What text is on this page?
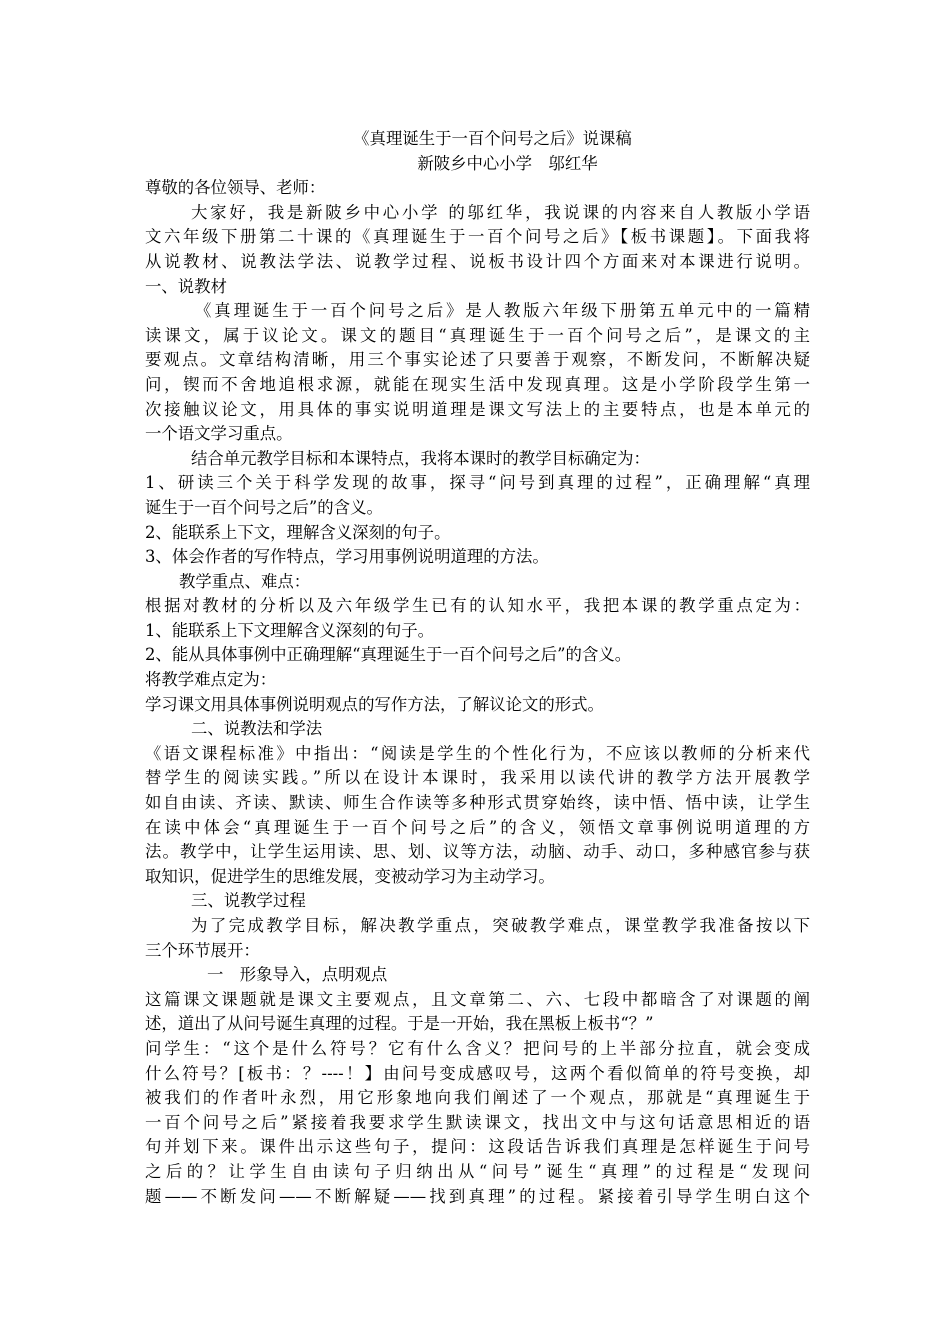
《真理诞生于一百个问号之后》说课稿
新陂乡中心小学　邬红华
尊敬的各位领导、老师：
大家好，我是新陂乡中心小学 的邬红华，我说课的内容来自人教版小学语
文六年级下册第二十课的《真理诞生于一百个问号之后》【板书课题】。下面我将
从说教材、说教法学法、说教学过程、说板书设计四个方面来对本课进行说明。
一、说教材
《真理诞生于一百个问号之后》是人教版六年级下册第五单元中的一篇精
读课文，属于议论文。课文的题目“真理诞生于一百个问号之后”，是课文的主
要观点。文章结构清晰，用三个事实论述了只要善于观察，不断发问，不断解决疑
问，锲而不舍地追根求源，就能在现实生活中发现真理。这是小学阶段学生第一
次接触议论文，用具体的事实说明道理是课文写法上的主要特点，也是本单元的
一个语文学习重点。
结合单元教学目标和本课特点，我将本课时的教学目标确定为：
1、研读三个关于科学发现的故事，探寻“问号到真理的过程”，正确理解“真理
诞生于一百个问号之后”的含义。
2、能联系上下文，理解含义深刻的句子。
3、体会作者的写作特点，学习用事例说明道理的方法。
教学重点、难点：
根据对教材的分析以及六年级学生已有的认知水平，我把本课的教学重点定为：
1、能联系上下文理解含义深刻的句子。
2、能从具体事例中正确理解“真理诞生于一百个问号之后”的含义。
将教学难点定为：
学习课文用具体事例说明观点的写作方法，了解议论文的形式。
二、说教法和学法
《语文课程标准》中指出：“阅读是学生的个性化行为，不应该以教师的分析来代
替学生的阅读实践。”所以在设计本课时，我采用以读代讲的教学方法开展教学
如自由读、齐读、默读、师生合作读等多种形式贯穿始终，读中悟、悟中读，让学生
在读中体会“真理诞生于一百个问号之后”的含义，领悟文章事例说明道理的方
法。教学中，让学生运用读、思、划、议等方法，动脑、动手、动口，多种感官参与获
取知识，促进学生的思维发展，变被动学习为主动学习。
三、说教学过程
为了完成教学目标，解决教学重点，突破教学难点，课堂教学我准备按以下
三个环节展开：
一　形象导入，点明观点
这篇课文课题就是课文主要观点，且文章第二、六、七段中都暗含了对课题的阐
述，道出了从问号诞生真理的过程。于是一开始，我在黑板上板书“？”
问学生：“这个是什么符号？它有什么含义？把问号的上半部分拉直，就会变成
什么符号？[板书：？----！】由问号变成感叹号，这两个看似简单的符号变换，却
被我们的作者叶永烈，用它形象地向我们阐述了一个观点，那就是“真理诞生于
一百个问号之后”紧接着我要求学生默读课文，找出文中与这句话意思相近的语
句并划下来。课件出示这些句子，提问：这段话告诉我们真理是怎样诞生于问号
之后的？让学生自由读句子归纳出从“问号”诞生“真理”的过程是“发现问
题——不断发问——不断解疑——找到真理”的过程。紧接着引导学生明白这个
